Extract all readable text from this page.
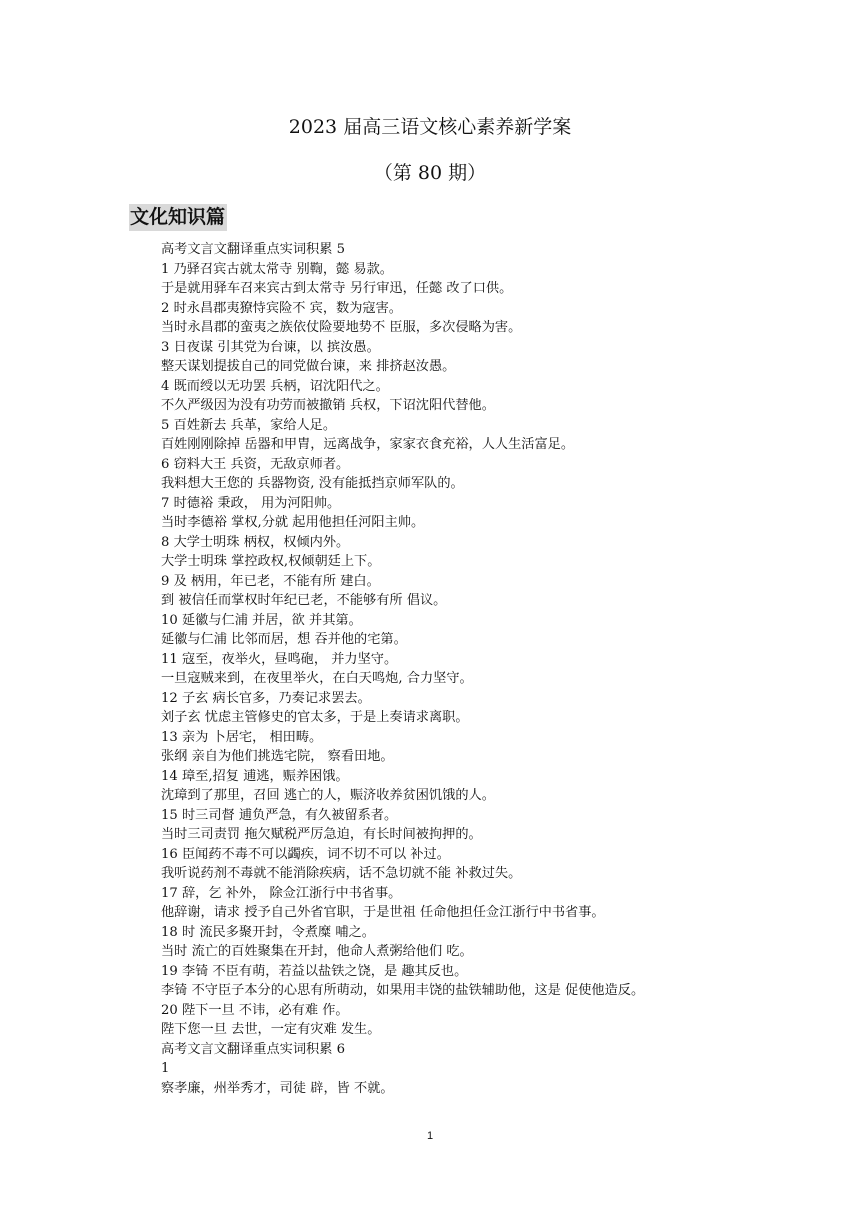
2023 届高三语文核心素养新学案
（第 80 期）
文化知识篇
高考文言文翻译重点实词积累 5
1 乃驿召宾古就太常寺 别鞫，懿 易款。
于是就用驿车召来宾古到太常寺 另行审迅，任懿 改了口供。
2 时永昌郡夷獠恃宾险不 宾，数为寇害。
当时永昌郡的蛮夷之族依仗险要地势不 臣服，多次侵略为害。
3 日夜谋 引其党为台谏，以 摈汝愚。
整天谋划提拔自己的同党做台谏，来 排挤赵汝愚。
4 既而绶以无功罢 兵柄，诏沈阳代之。
不久严级因为没有功劳而被撤销 兵权，下诏沈阳代替他。
5 百姓新去 兵革，家给人足。
百姓刚刚除掉 岳器和甲胄，远离战争，家家衣食充裕，人人生活富足。
6 窃料大王 兵资，无敌京师者。
我料想大王您的 兵器物资, 没有能抵挡京师军队的。
7 时德裕 秉政， 用为河阳帅。
当时李德裕 掌权,分就 起用他担任河阳主帅。
8 大学士明珠 柄权，权倾内外。
大学士明珠 掌控政权,权倾朝廷上下。
9 及 柄用，年已老，不能有所 建白。
到 被信任而掌权时年纪已老，不能够有所 倡议。
10 延徽与仁浦 并居，欲 并其第。
延徽与仁浦 比邻而居，想 吞并他的宅第。
11 寇至，夜举火，昼鸣砲， 并力坚守。
一旦寇贼来到，在夜里举火，在白天鸣炮, 合力坚守。
12 子玄 病长官多，乃奏记求罢去。
刘子玄 忧虑主管修史的官太多，于是上奏请求离职。
13 亲为 卜居宅， 相田畴。
张纲 亲自为他们挑选宅院， 察看田地。
14 璋至,招复 逋逃，赈养困饿。
沈璋到了那里，召回 逃亡的人，赈济收养贫困饥饿的人。
15 时三司督 逋负严急，有久被留系者。
当时三司责罚 拖欠赋税严厉急迫，有长时间被拘押的。
16 臣闻药不毒不可以蠲疾，词不切不可以 补过。
我听说药剂不毒就不能消除疾病，话不急切就不能 补救过失。
17 辞，乞 补外， 除佥江浙行中书省事。
他辞谢，请求 授予自己外省官职，于是世祖 任命他担任佥江浙行中书省事。
18 时 流民多聚开封，令煮糜 哺之。
当时 流亡的百姓聚集在开封，他命人煮粥给他们 吃。
19 李锜 不臣有萌，若益以盐铁之饶，是 趣其反也。
李锜 不守臣子本分的心思有所萌动，如果用丰饶的盐铁辅助他，这是 促使他造反。
20 陛下一旦 不讳，必有难 作。
陛下您一旦 去世，一定有灾难 发生。
高考文言文翻译重点实词积累 6
1
察孝廉，州举秀才，司徒 辟，皆 不就。
1
